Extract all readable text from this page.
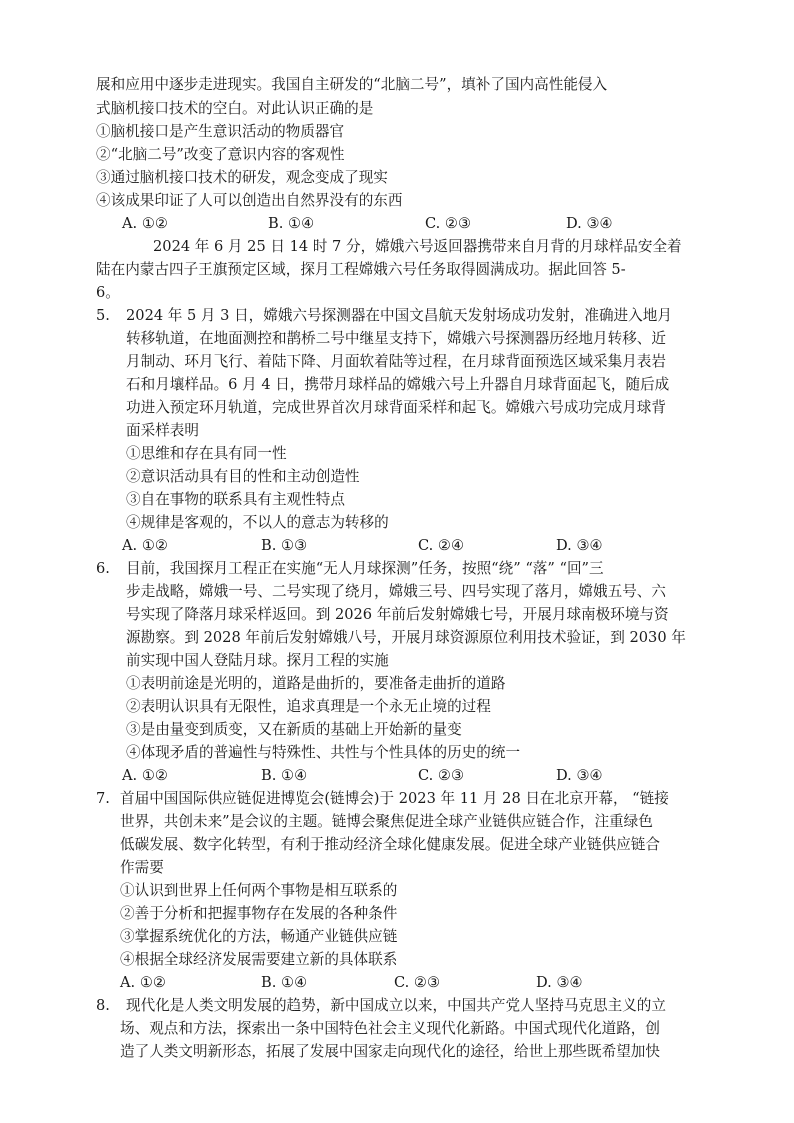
展和应用中逐步走进现实。我国自主研发的“北脑二号”，填补了国内高性能侵入
式脑机接口技术的空白。对此认识正确的是
①脑机接口是产生意识活动的物质器官
②“北脑二号”改变了意识内容的客观性
③通过脑机接口技术的研发，观念变成了现实
④该成果印证了人可以创造出自然界没有的东西
A. ①②	B. ①④	C. ②③	D. ③④
2024 年 6 月 25 日 14 时 7 分，嫦娥六号返回器携带来自月背的月球样品安全着
陆在内蒙古四子王旗预定区域，探月工程嫦娥六号任务取得圆满成功。据此回答 5-
6。
5. 2024 年 5 月 3 日，嫦娥六号探测器在中国文昌航天发射场成功发射，准确进入地月
转移轨道，在地面测控和鹊桥二号中继星支持下，嫦娥六号探测器历经地月转移、近
月制动、环月飞行、着陆下降、月面软着陆等过程，在月球背面预选区域采集月表岩
石和月壤样品。6 月 4 日，携带月球样品的嫦娥六号上升器自月球背面起飞，随后成
功进入预定环月轨道，完成世界首次月球背面采样和起飞。嫦娥六号成功完成月球背
面采样表明
①思维和存在具有同一性
②意识活动具有目的性和主动创造性
③自在事物的联系具有主观性特点
④规律是客观的，不以人的意志为转移的
A. ①②	B. ①③	C. ②④	D. ③④
6. 目前，我国探月工程正在实施“无人月球探测”任务，按照“绕” “落” “回”三
步走战略，嫦娥一号、二号实现了绕月，嫦娥三号、四号实现了落月，嫦娥五号、六
号实现了降落月球采样返回。到 2026 年前后发射嫦娥七号，开展月球南极环境与资
源勘察。到 2028 年前后发射嫦娥八号，开展月球资源原位利用技术验证，到 2030 年
前实现中国人登陆月球。探月工程的实施
①表明前途是光明的，道路是曲折的，要准备走曲折的道路
②表明认识具有无限性，追求真理是一个永无止境的过程
③是由量变到质变，又在新质的基础上开始新的量变
④体现矛盾的普遍性与特殊性、共性与个性具体的历史的统一
A. ①②	B. ①④	C. ②③	D. ③④
7. 首届中国国际供应链促进博览会(链博会)于 2023 年 11 月 28 日在北京开幕， “链接
世界，共创未来”是会议的主题。链博会聚焦促进全球产业链供应链合作，注重绿色
低碳发展、数字化转型，有利于推动经济全球化健康发展。促进全球产业链供应链合
作需要
①认识到世界上任何两个事物是相互联系的
②善于分析和把握事物存在发展的各种条件
③掌握系统优化的方法，畅通产业链供应链
④根据全球经济发展需要建立新的具体联系
A. ①②	B. ①④	C. ②③	D. ③④
8. 现代化是人类文明发展的趋势，新中国成立以来，中国共产党人坚持马克思主义的立
场、观点和方法，探索出一条中国特色社会主义现代化新路。中国式现代化道路，创
造了人类文明新形态，拓展了发展中国家走向现代化的途径，给世上那些既希望加快
